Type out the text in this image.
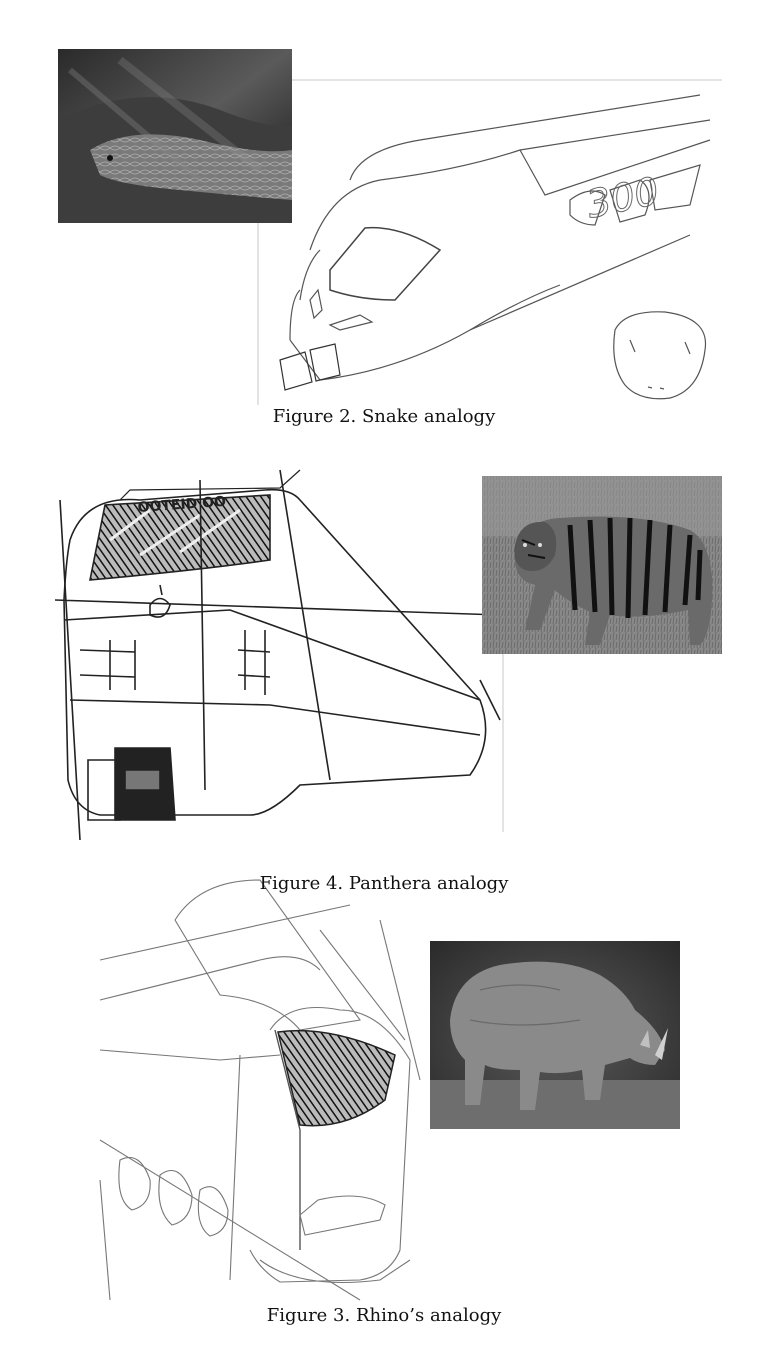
300
OOTEID OO
Figure 2. Snake analogy
Figure 4. Panthera analogy
Figure 3. Rhino’s analogy
